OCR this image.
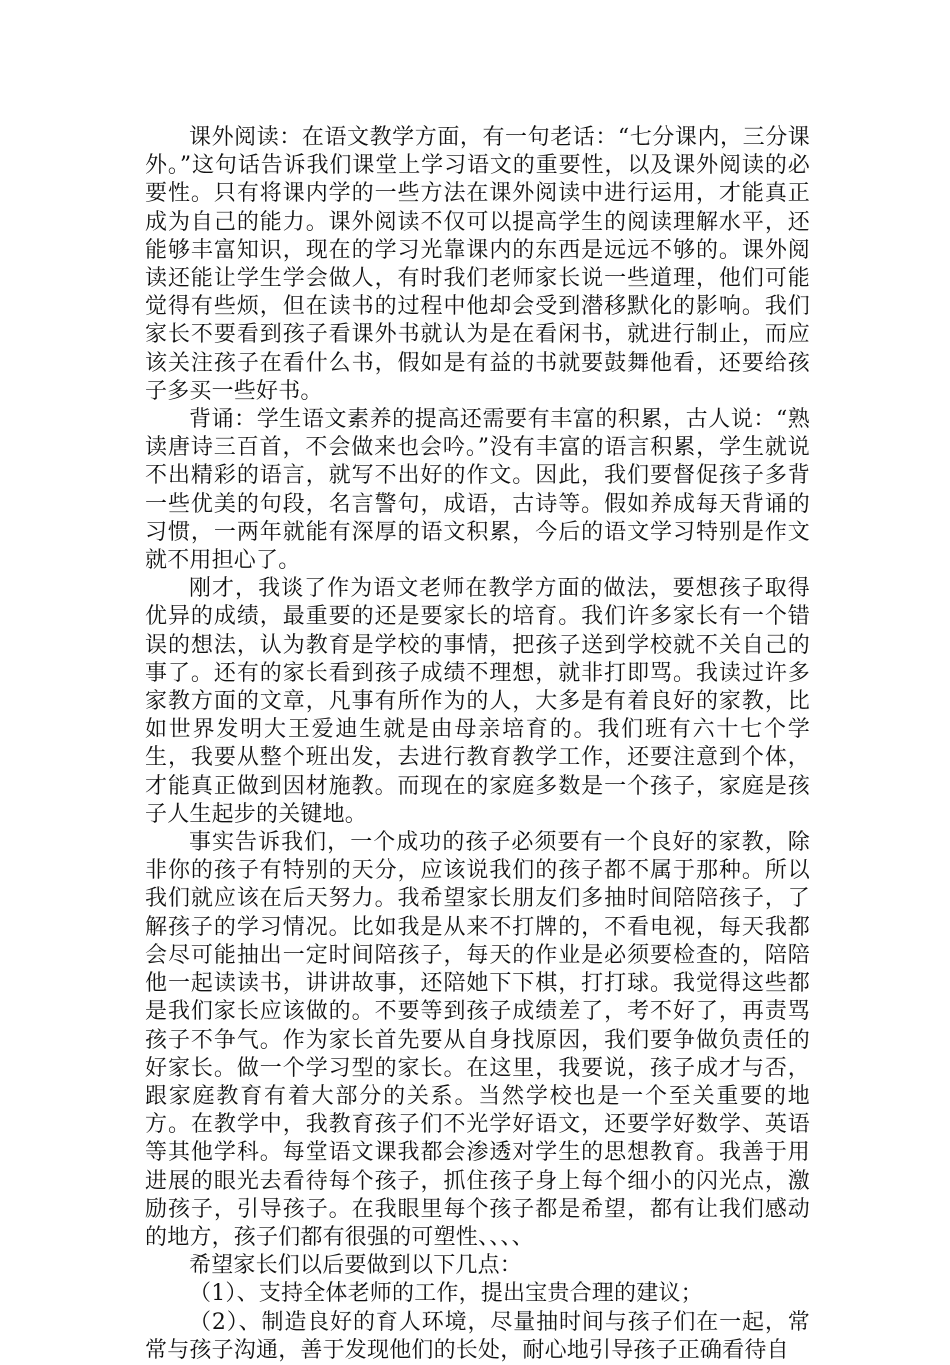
课外阅读：在语文教学方面，有一句老话：“七分课内，三分课外。”这句话告诉我们课堂上学习语文的重要性，以及课外阅读的必要性。只有将课内学的一些方法在课外阅读中进行运用，才能真正成为自己的能力。课外阅读不仅可以提高学生的阅读理解水平，还能够丰富知识，现在的学习光靠课内的东西是远远不够的。课外阅读还能让学生学会做人，有时我们老师家长说一些道理，他们可能觉得有些烦，但在读书的过程中他却会受到潜移默化的影响。我们家长不要看到孩子看课外书就认为是在看闲书，就进行制止，而应该关注孩子在看什么书，假如是有益的书就要鼓舞他看，还要给孩子多买一些好书。

背诵：学生语文素养的提高还需要有丰富的积累，古人说：“熟读唐诗三百首，不会做来也会吟。”没有丰富的语言积累，学生就说不出精彩的语言，就写不出好的作文。因此，我们要督促孩子多背一些优美的句段，名言警句，成语，古诗等。假如养成每天背诵的习惯，一两年就能有深厚的语文积累，今后的语文学习特别是作文就不用担心了。

刚才，我谈了作为语文老师在教学方面的做法，要想孩子取得优异的成绩，最重要的还是要家长的培育。我们许多家长有一个错误的想法，认为教育是学校的事情，把孩子送到学校就不关自己的事了。还有的家长看到孩子成绩不理想，就非打即骂。我读过许多家教方面的文章，凡事有所作为的人，大多是有着良好的家教，比如世界发明大王爱迪生就是由母亲培育的。我们班有六十七个学生，我要从整个班出发，去进行教育教学工作，还要注意到个体，才能真正做到因材施教。而现在的家庭多数是一个孩子，家庭是孩子人生起步的关键地。

事实告诉我们，一个成功的孩子必须要有一个良好的家教，除非你的孩子有特别的天分，应该说我们的孩子都不属于那种。所以我们就应该在后天努力。我希望家长朋友们多抽时间陪陪孩子，了解孩子的学习情况。比如我是从来不打牌的，不看电视，每天我都会尽可能抽出一定时间陪孩子，每天的作业是必须要检查的，陪陪他一起读读书，讲讲故事，还陪她下下棋，打打球。我觉得这些都是我们家长应该做的。不要等到孩子成绩差了，考不好了，再责骂孩子不争气。作为家长首先要从自身找原因，我们要争做负责任的好家长。做一个学习型的家长。在这里，我要说，孩子成才与否，跟家庭教育有着大部分的关系。当然学校也是一个至关重要的地方。在教学中，我教育孩子们不光学好语文，还要学好数学、英语等其他学科。每堂语文课我都会渗透对学生的思想教育。我善于用进展的眼光去看待每个孩子，抓住孩子身上每个细小的闪光点，激励孩子，引导孩子。在我眼里每个孩子都是希望，都有让我们感动的地方，孩子们都有很强的可塑性、、、、

希望家长们以后要做到以下几点：

（1）、支持全体老师的工作，提出宝贵合理的建议；

（2）、制造良好的育人环境，尽量抽时间与孩子们在一起，常常与孩子沟通，善于发现他们的长处，耐心地引导孩子正确看待自
